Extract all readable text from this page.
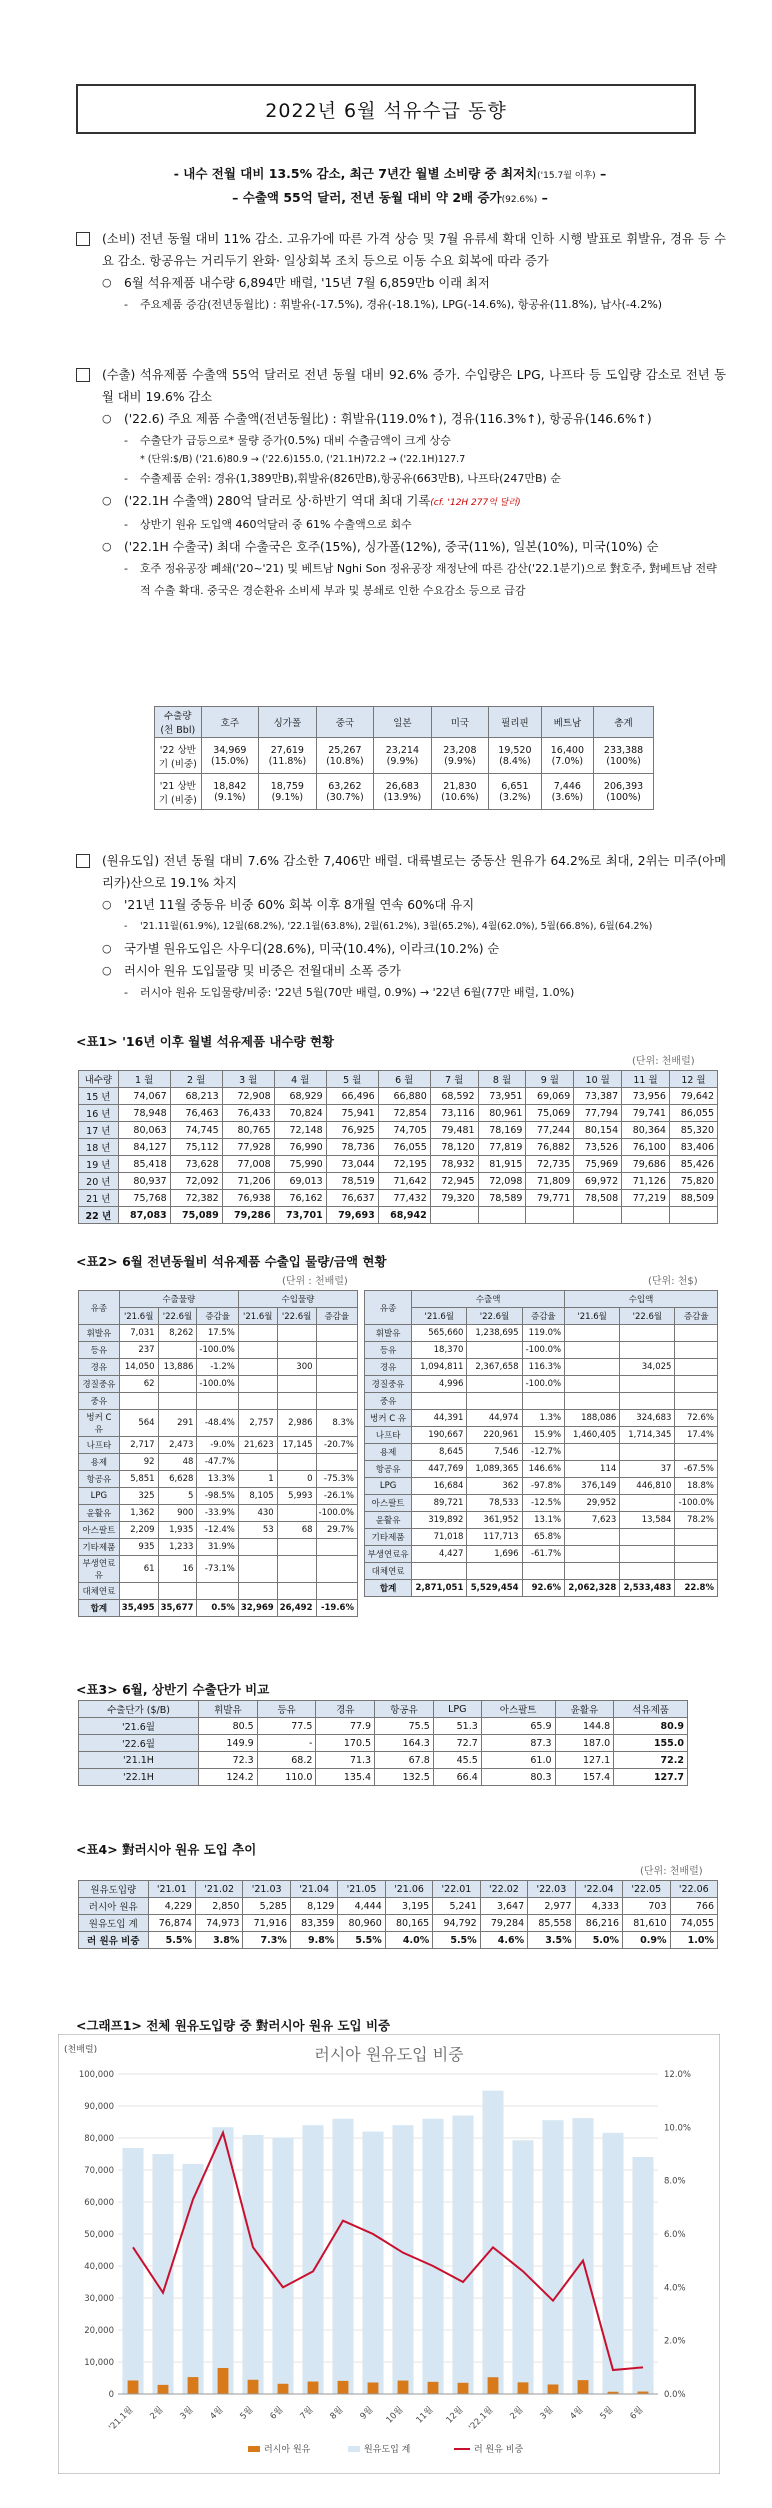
2022년 6월 석유수급 동향
- 내수 전월 대비 13.5% 감소, 최근 7년간 월별 소비량 중 최저치('15.7월 이후) –
– 수출액 55억 달러, 전년 동월 대비 약 2배 증가(92.6%) –
(소비) 전년 동월 대비 11% 감소. 고유가에 따른 가격 상승 및 7월 유류세 확대 인하 시행 발표로 휘발유, 경유 등 수요 감소. 항공유는 거리두기 완화· 일상회복 조치 등으로 이동 수요 회복에 따라 증가
○ 6월 석유제품 내수량 6,894만 배럴, '15년 7월 6,859만b 이래 최저
- 주요제품 증감(전년동월比) : 휘발유(-17.5%), 경유(-18.1%), LPG(-14.6%), 항공유(11.8%), 납사(-4.2%)
(수출) 석유제품 수출액 55억 달러로 전년 동월 대비 92.6% 증가. 수입량은 LPG, 나프타 등 도입량 감소로 전년 동월 대비 19.6% 감소
○ ('22.6) 주요 제품 수출액(전년동월比) : 휘발유(119.0%↑), 경유(116.3%↑), 항공유(146.6%↑)
- 수출단가 급등으로* 물량 증가(0.5%) 대비 수출금액이 크게 상승
* (단위:$/B) ('21.6)80.9 → ('22.6)155.0, ('21.1H)72.2 → ('22.1H)127.7
- 수출제품 순위: 경유(1,389만B),휘발유(826만B),항공유(663만B), 나프타(247만B) 순
○ ('22.1H 수출액) 280억 달러로 상·하반기 역대 최대 기록(cf. '12H 277억 달러)
- 상반기 원유 도입액 460억달러 중 61% 수출액으로 회수
○ ('22.1H 수출국) 최대 수출국은 호주(15%), 싱가폴(12%), 중국(11%), 일본(10%), 미국(10%) 순
- 호주 정유공장 폐쇄('20~'21) 및 베트남 Nghi Son 정유공장 재정난에 따른 감산('22.1분기)으로 對호주, 對베트남 전략적 수출 확대. 중국은 경순환유 소비세 부과 및 봉쇄로 인한 수요감소 등으로 급감
수출량 (천 Bbl)	호주	싱가폴	중국	일본	미국	필리핀	베트남	총계
'22 상반기 (비중)	34,969 (15.0%)	27,619 (11.8%)	25,267 (10.8%)	23,214 (9.9%)	23,208 (9.9%)	19,520 (8.4%)	16,400 (7.0%)	233,388 (100%)
'21 상반기 (비중)	18,842 (9.1%)	18,759 (9.1%)	63,262 (30.7%)	26,683 (13.9%)	21,830 (10.6%)	6,651 (3.2%)	7,446 (3.6%)	206,393 (100%)
(원유도입) 전년 동월 대비 7.6% 감소한 7,406만 배럴. 대륙별로는 중동산 원유가 64.2%로 최대, 2위는 미주(아메리카)산으로 19.1% 차지
○ '21년 11월 중동유 비중 60% 회복 이후 8개월 연속 60%대 유지
- '21.11월(61.9%), 12월(68.2%), '22.1월(63.8%), 2월(61.2%), 3월(65.2%), 4월(62.0%), 5월(66.8%), 6월(64.2%)
○ 국가별 원유도입은 사우디(28.6%), 미국(10.4%), 이라크(10.2%) 순
○ 러시아 원유 도입물량 및 비중은 전월대비 소폭 증가
- 러시아 원유 도입물량/비중: '22년 5월(70만 배럴, 0.9%) → '22년 6월(77만 배럴, 1.0%)
<표1> '16년 이후 월별 석유제품 내수량 현황
(단위: 천배럴)
내수량	1 월	2 월	3 월	4 월	5 월	6 월	7 월	8 월	9 월	10 월	11 월	12 월
15 년	74,067	68,213	72,908	68,929	66,496	66,880	68,592	73,951	69,069	73,387	73,956	79,642
16 년	78,948	76,463	76,433	70,824	75,941	72,854	73,116	80,961	75,069	77,794	79,741	86,055
17 년	80,063	74,745	80,765	72,148	76,925	74,705	79,481	78,169	77,244	80,154	80,364	85,320
18 년	84,127	75,112	77,928	76,990	78,736	76,055	78,120	77,819	76,882	73,526	76,100	83,406
19 년	85,418	73,628	77,008	75,990	73,044	72,195	78,932	81,915	72,735	75,969	79,686	85,426
20 년	80,937	72,092	71,206	69,013	78,519	71,642	72,945	72,098	71,809	69,972	71,126	75,820
21 년	75,768	72,382	76,938	76,162	76,637	77,432	79,320	78,589	79,771	78,508	77,219	88,509
22 년	87,083	75,089	79,286	73,701	79,693	68,942						
<표2> 6월 전년동월비 석유제품 수출입 물량/금액 현황
(단위 : 천배럴)	(단위: 천$)
유종	수출물량			수입물량		
	'21.6월	'22.6월	증감율	'21.6월	'22.6월	증감율
휘발유	7,031	8,262	17.5%			
등유	237		-100.0%			
경유	14,050	13,886	-1.2%		300	
경질중유	62		-100.0%			
중유						
벙커 C 유	564	291	-48.4%	2,757	2,986	8.3%
나프타	2,717	2,473	-9.0%	21,623	17,145	-20.7%
용제	92	48	-47.7%			
항공유	5,851	6,628	13.3%	1	0	-75.3%
LPG	325	5	-98.5%	8,105	5,993	-26.1%
윤활유	1,362	900	-33.9%	430		-100.0%
아스팔트	2,209	1,935	-12.4%	53	68	29.7%
기타제품	935	1,233	31.9%			
부생연료유	61	16	-73.1%			
대체연료						
합계	35,495	35,677	0.5%	32,969	26,492	-19.6%
유종	수출액			수입액		
	'21.6월	'22.6월	증감율	'21.6월	'22.6월	증감율
휘발유	565,660	1,238,695	119.0%			
등유	18,370		-100.0%			
경유	1,094,811	2,367,658	116.3%		34,025	
경질중유	4,996		-100.0%			
중유						
벙커 C 유	44,391	44,974	1.3%	188,086	324,683	72.6%
나프타	190,667	220,961	15.9%	1,460,405	1,714,345	17.4%
용제	8,645	7,546	-12.7%			
항공유	447,769	1,089,365	146.6%	114	37	-67.5%
LPG	16,684	362	-97.8%	376,149	446,810	18.8%
아스팔트	89,721	78,533	-12.5%	29,952		-100.0%
윤활유	319,892	361,952	13.1%	7,623	13,584	78.2%
기타제품	71,018	117,713	65.8%			
부생연료유	4,427	1,696	-61.7%			
대체연료						
합계	2,871,051	5,529,454	92.6%	2,062,328	2,533,483	22.8%
<표3> 6월, 상반기 수출단가 비교
수출단가 ($/B)	휘발유	등유	경유	항공유	LPG	아스팔트	윤활유	석유제품
'21.6월	80.5	77.5	77.9	75.5	51.3	65.9	144.8	80.9
'22.6월	149.9	-	170.5	164.3	72.7	87.3	187.0	155.0
'21.1H	72.3	68.2	71.3	67.8	45.5	61.0	127.1	72.2
'22.1H	124.2	110.0	135.4	132.5	66.4	80.3	157.4	127.7
<표4> 對러시아 원유 도입 추이
(단위: 천배럴)
원유도입량	'21.01	'21.02	'21.03	'21.04	'21.05	'21.06	'22.01	'22.02	'22.03	'22.04	'22.05	'22.06
러시아 원유	4,229	2,850	5,285	8,129	4,444	3,195	5,241	3,647	2,977	4,333	703	766
원유도입 계	76,874	74,973	71,916	83,359	80,960	80,165	94,792	79,284	85,558	86,216	81,610	74,055
러 원유 비중	5.5%	3.8%	7.3%	9.8%	5.5%	4.0%	5.5%	4.6%	3.5%	5.0%	0.9%	1.0%
<그래프1> 전체 원유도입량 중 對러시아 원유 도입 비중
러시아 원유도입 비중
(천배럴)
0
10,000
20,000
30,000
40,000
50,000
60,000
70,000
80,000
90,000
100,000
0.0%
2.0%
4.0%
6.0%
8.0%
10.0%
12.0%
'21.1월 2월 3월 4월 5월 6월 7월 8월 9월 10월 11월 12월 '22.1월 2월 3월 4월 5월 6월
러시아 원유	원유도입 계	러 원유 비중
